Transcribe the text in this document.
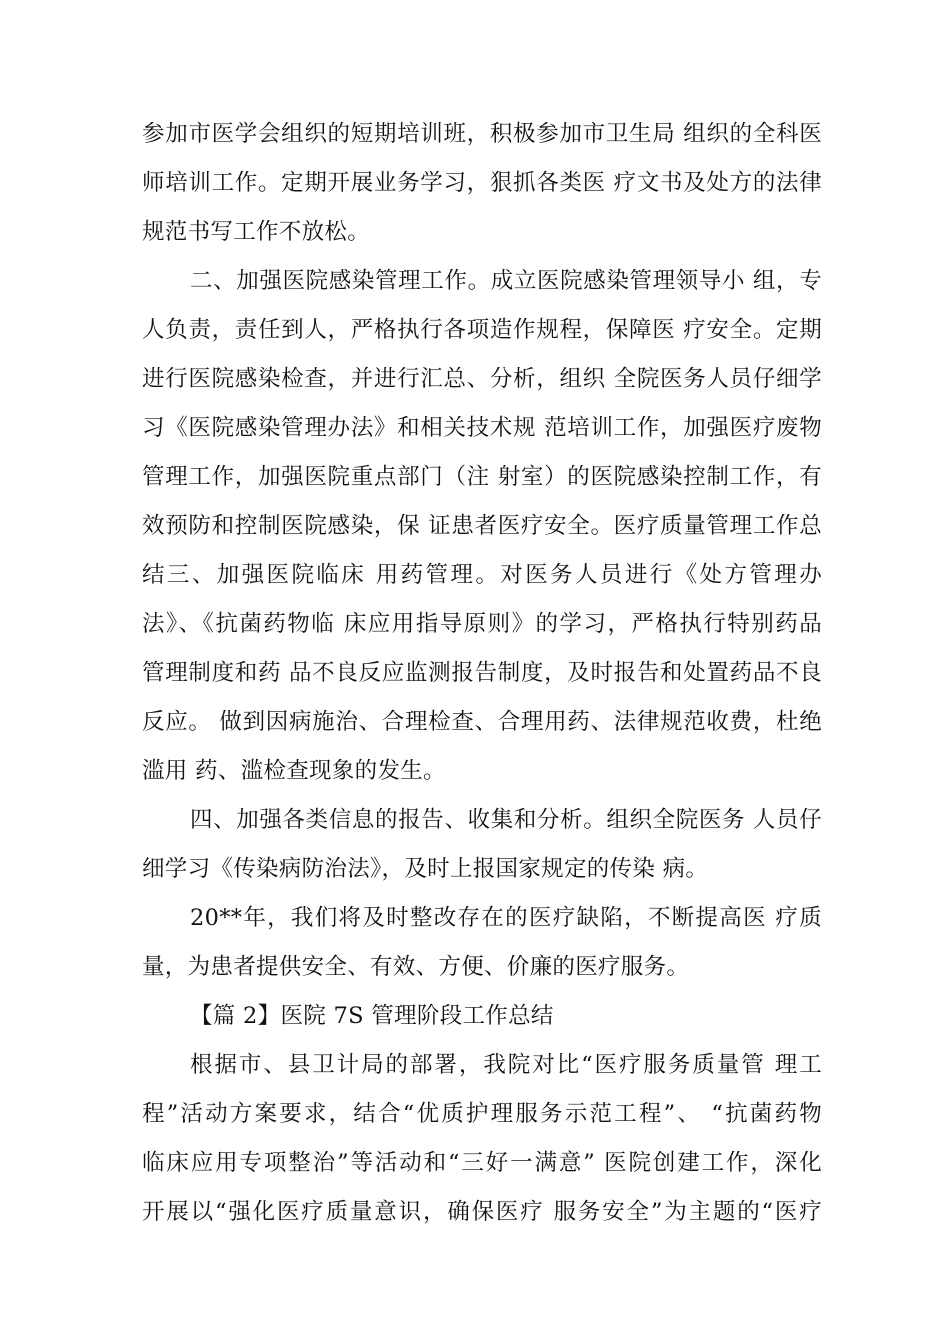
参加市医学会组织的短期培训班，积极参加市卫生局 组织的全科医
师培训工作。定期开展业务学习，狠抓各类医 疗文书及处方的法律
规范书写工作不放松。
二、加强医院感染管理工作。成立医院感染管理领导小 组，专
人负责，责任到人，严格执行各项造作规程，保障医 疗安全。定期
进行医院感染检查，并进行汇总、分析，组织 全院医务人员仔细学
习《医院感染管理办法》和相关技术规 范培训工作，加强医疗废物
管理工作，加强医院重点部门（注 射室）的医院感染控制工作，有
效预防和控制医院感染，保 证患者医疗安全。医疗质量管理工作总
结三、加强医院临床 用药管理。对医务人员进行《处方管理办
法》、《抗菌药物临 床应用指导原则》的学习，严格执行特别药品
管理制度和药 品不良反应监测报告制度，及时报告和处置药品不良
反应。 做到因病施治、合理检查、合理用药、法律规范收费，杜绝
滥用 药、滥检查现象的发生。
四、加强各类信息的报告、收集和分析。组织全院医务 人员仔
细学习《传染病防治法》，及时上报国家规定的传染 病。
20**年，我们将及时整改存在的医疗缺陷，不断提高医 疗质
量，为患者提供安全、有效、方便、价廉的医疗服务。
【篇 2】医院 7S 管理阶段工作总结
根据市、县卫计局的部署，我院对比“医疗服务质量管 理工
程”活动方案要求，结合“优质护理服务示范工程”、 “抗菌药物
临床应用专项整治”等活动和“三好一满意” 医院创建工作，深化
开展以“强化医疗质量意识，确保医疗 服务安全”为主题的“医疗
